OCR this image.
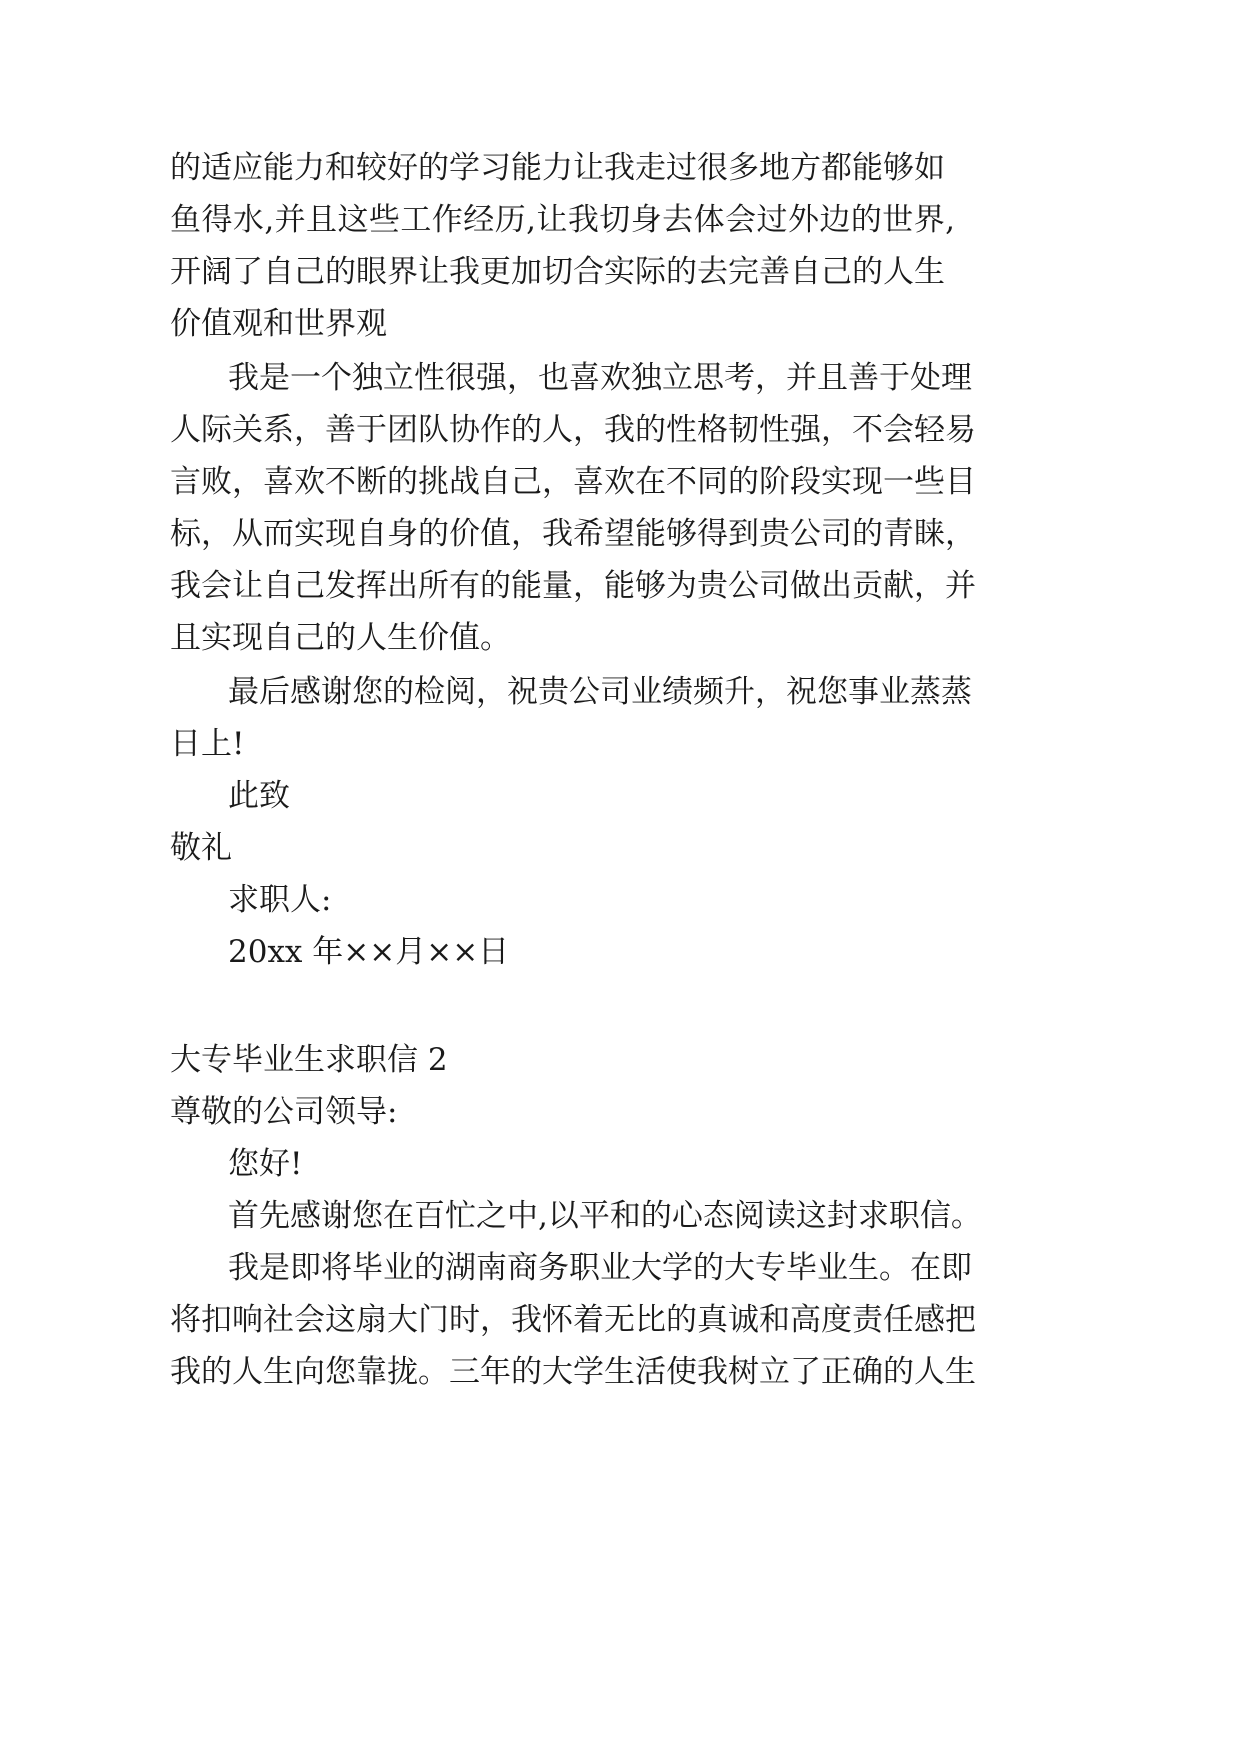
的适应能力和较好的学习能力让我走过很多地方都能够如
鱼得水,并且这些工作经历,让我切身去体会过外边的世界,
开阔了自己的眼界让我更加切合实际的去完善自己的人生
价值观和世界观
我是一个独立性很强，也喜欢独立思考，并且善于处理
人际关系，善于团队协作的人，我的性格韧性强，不会轻易
言败，喜欢不断的挑战自己，喜欢在不同的阶段实现一些目
标，从而实现自身的价值，我希望能够得到贵公司的青睐，
我会让自己发挥出所有的能量，能够为贵公司做出贡献，并
且实现自己的人生价值。
最后感谢您的检阅，祝贵公司业绩频升，祝您事业蒸蒸
日上!
此致
敬礼
求职人:
20xx 年××月××日
大专毕业生求职信 2
尊敬的公司领导:
您好!
首先感谢您在百忙之中,以平和的心态阅读这封求职信。
我是即将毕业的湖南商务职业大学的大专毕业生。在即
将扣响社会这扇大门时，我怀着无比的真诚和高度责任感把
我的人生向您靠拢。三年的大学生活使我树立了正确的人生
